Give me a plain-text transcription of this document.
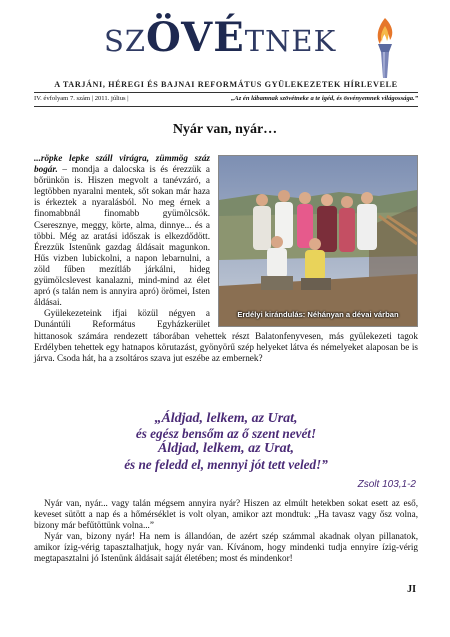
SZÖVÉTNEK
A TARJÁNI, HÉREGI ÉS BAJNAI REFORMÁTUS GYÜLEKEZETEK HÍRLEVELE
IV. évfolyam 7. szám | 2011. július |	„Az én lábamnak szövétneke a te igéd, és ösvényemnek világossága.”
Nyár van, nyár…
Erdélyi kirándulás: Néhányan a dévai várban

...röpke lepke száll virágra, zümmög száz bogár. – mondja a dalocska is és érezzük a bőrünkön is. Hiszen megvolt a tanévzáró, a legtöbben nyaralni mentek, sőt sokan már haza is érkeztek a nyaralásból. No meg érnek a finomabbnál finomabb gyümölcsök. Cseresznye, meggy, körte, alma, dinnye... és a többi. Még az aratási időszak is elkezdődött. Érezzük Istenünk gazdag áldásait magunkon. Hűs vizben lubickolni, a napon lebarnulni, a zöld fűben mezítláb járkálni, hideg gyümölcslevest kanalazni, mind-mind az élet apró (s talán nem is annyira apró) örömei, Isten áldásai.

Gyülekezeteink ifjai közül négyen a Dunántúli Református Egyházkerület hittanosok számára rendezett táborában vehettek részt Balatonfenyvesen, más gyülekezeti tagok Erdélyben tehettek egy hatnapos körutazást, gyönyörű szép helyeket látva és némelyeket alaposan be is járva. Csoda hát, ha a zsoltáros szava jut eszébe az embernek?

„Áldjad, lelkem, az Urat,
és egész bensőm az ő szent nevét!
Áldjad, lelkem, az Urat,
és ne feledd el, mennyi jót tett veled!”
Zsolt 103,1-2

Nyár van, nyár... vagy talán mégsem annyira nyár? Hiszen az elmúlt hetekben sokat esett az eső, keveset sütött a nap és a hőmérséklet is volt olyan, amikor azt mondtuk: „Ha tavasz vagy ősz volna, bizony már befűtöttünk volna...”

Nyár van, bizony nyár! Ha nem is állandóan, de azért szép számmal akadnak olyan pillanatok, amikor ízig-vérig tapasztalhatjuk, hogy nyár van. Kívánom, hogy mindenki tudja ennyire ízig-vérig megtapasztalni jó Istenünk áldásait saját életében; most és mindenkor!

JI
